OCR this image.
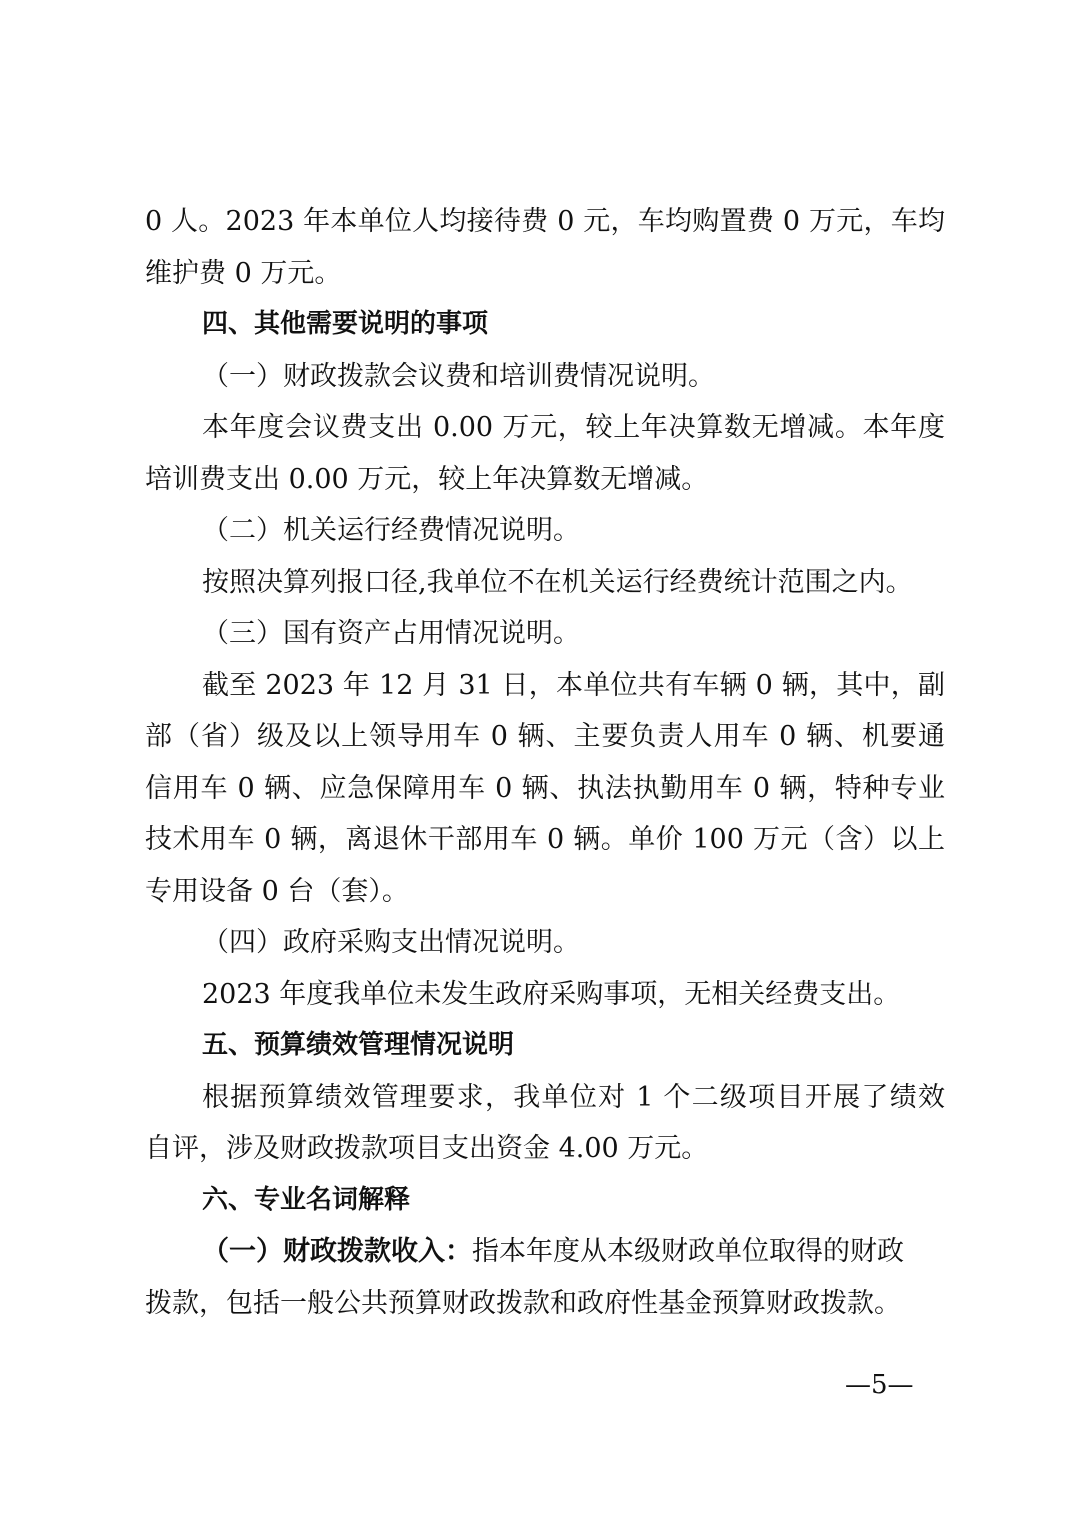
0 人。2023 年本单位人均接待费 0 元，车均购置费 0 万元，车均
维护费 0 万元。
四、其他需要说明的事项
（一）财政拨款会议费和培训费情况说明。
本年度会议费支出 0.00 万元，较上年决算数无增减。本年度
培训费支出 0.00 万元，较上年决算数无增减。
（二）机关运行经费情况说明。
按照决算列报口径,我单位不在机关运行经费统计范围之内。
（三）国有资产占用情况说明。
截至 2023 年 12 月 31 日，本单位共有车辆 0 辆，其中，副
部（省）级及以上领导用车 0 辆、主要负责人用车 0 辆、机要通
信用车 0 辆、应急保障用车 0 辆、执法执勤用车 0 辆，特种专业
技术用车 0 辆，离退休干部用车 0 辆。单价 100 万元（含）以上
专用设备 0 台（套）。
（四）政府采购支出情况说明。
2023 年度我单位未发生政府采购事项，无相关经费支出。
五、预算绩效管理情况说明
根据预算绩效管理要求，我单位对 1 个二级项目开展了绩效
自评，涉及财政拨款项目支出资金 4.00 万元。
六、专业名词解释
（一）财政拨款收入：指本年度从本级财政单位取得的财政
拨款，包括一般公共预算财政拨款和政府性基金预算财政拨款。
—5—
